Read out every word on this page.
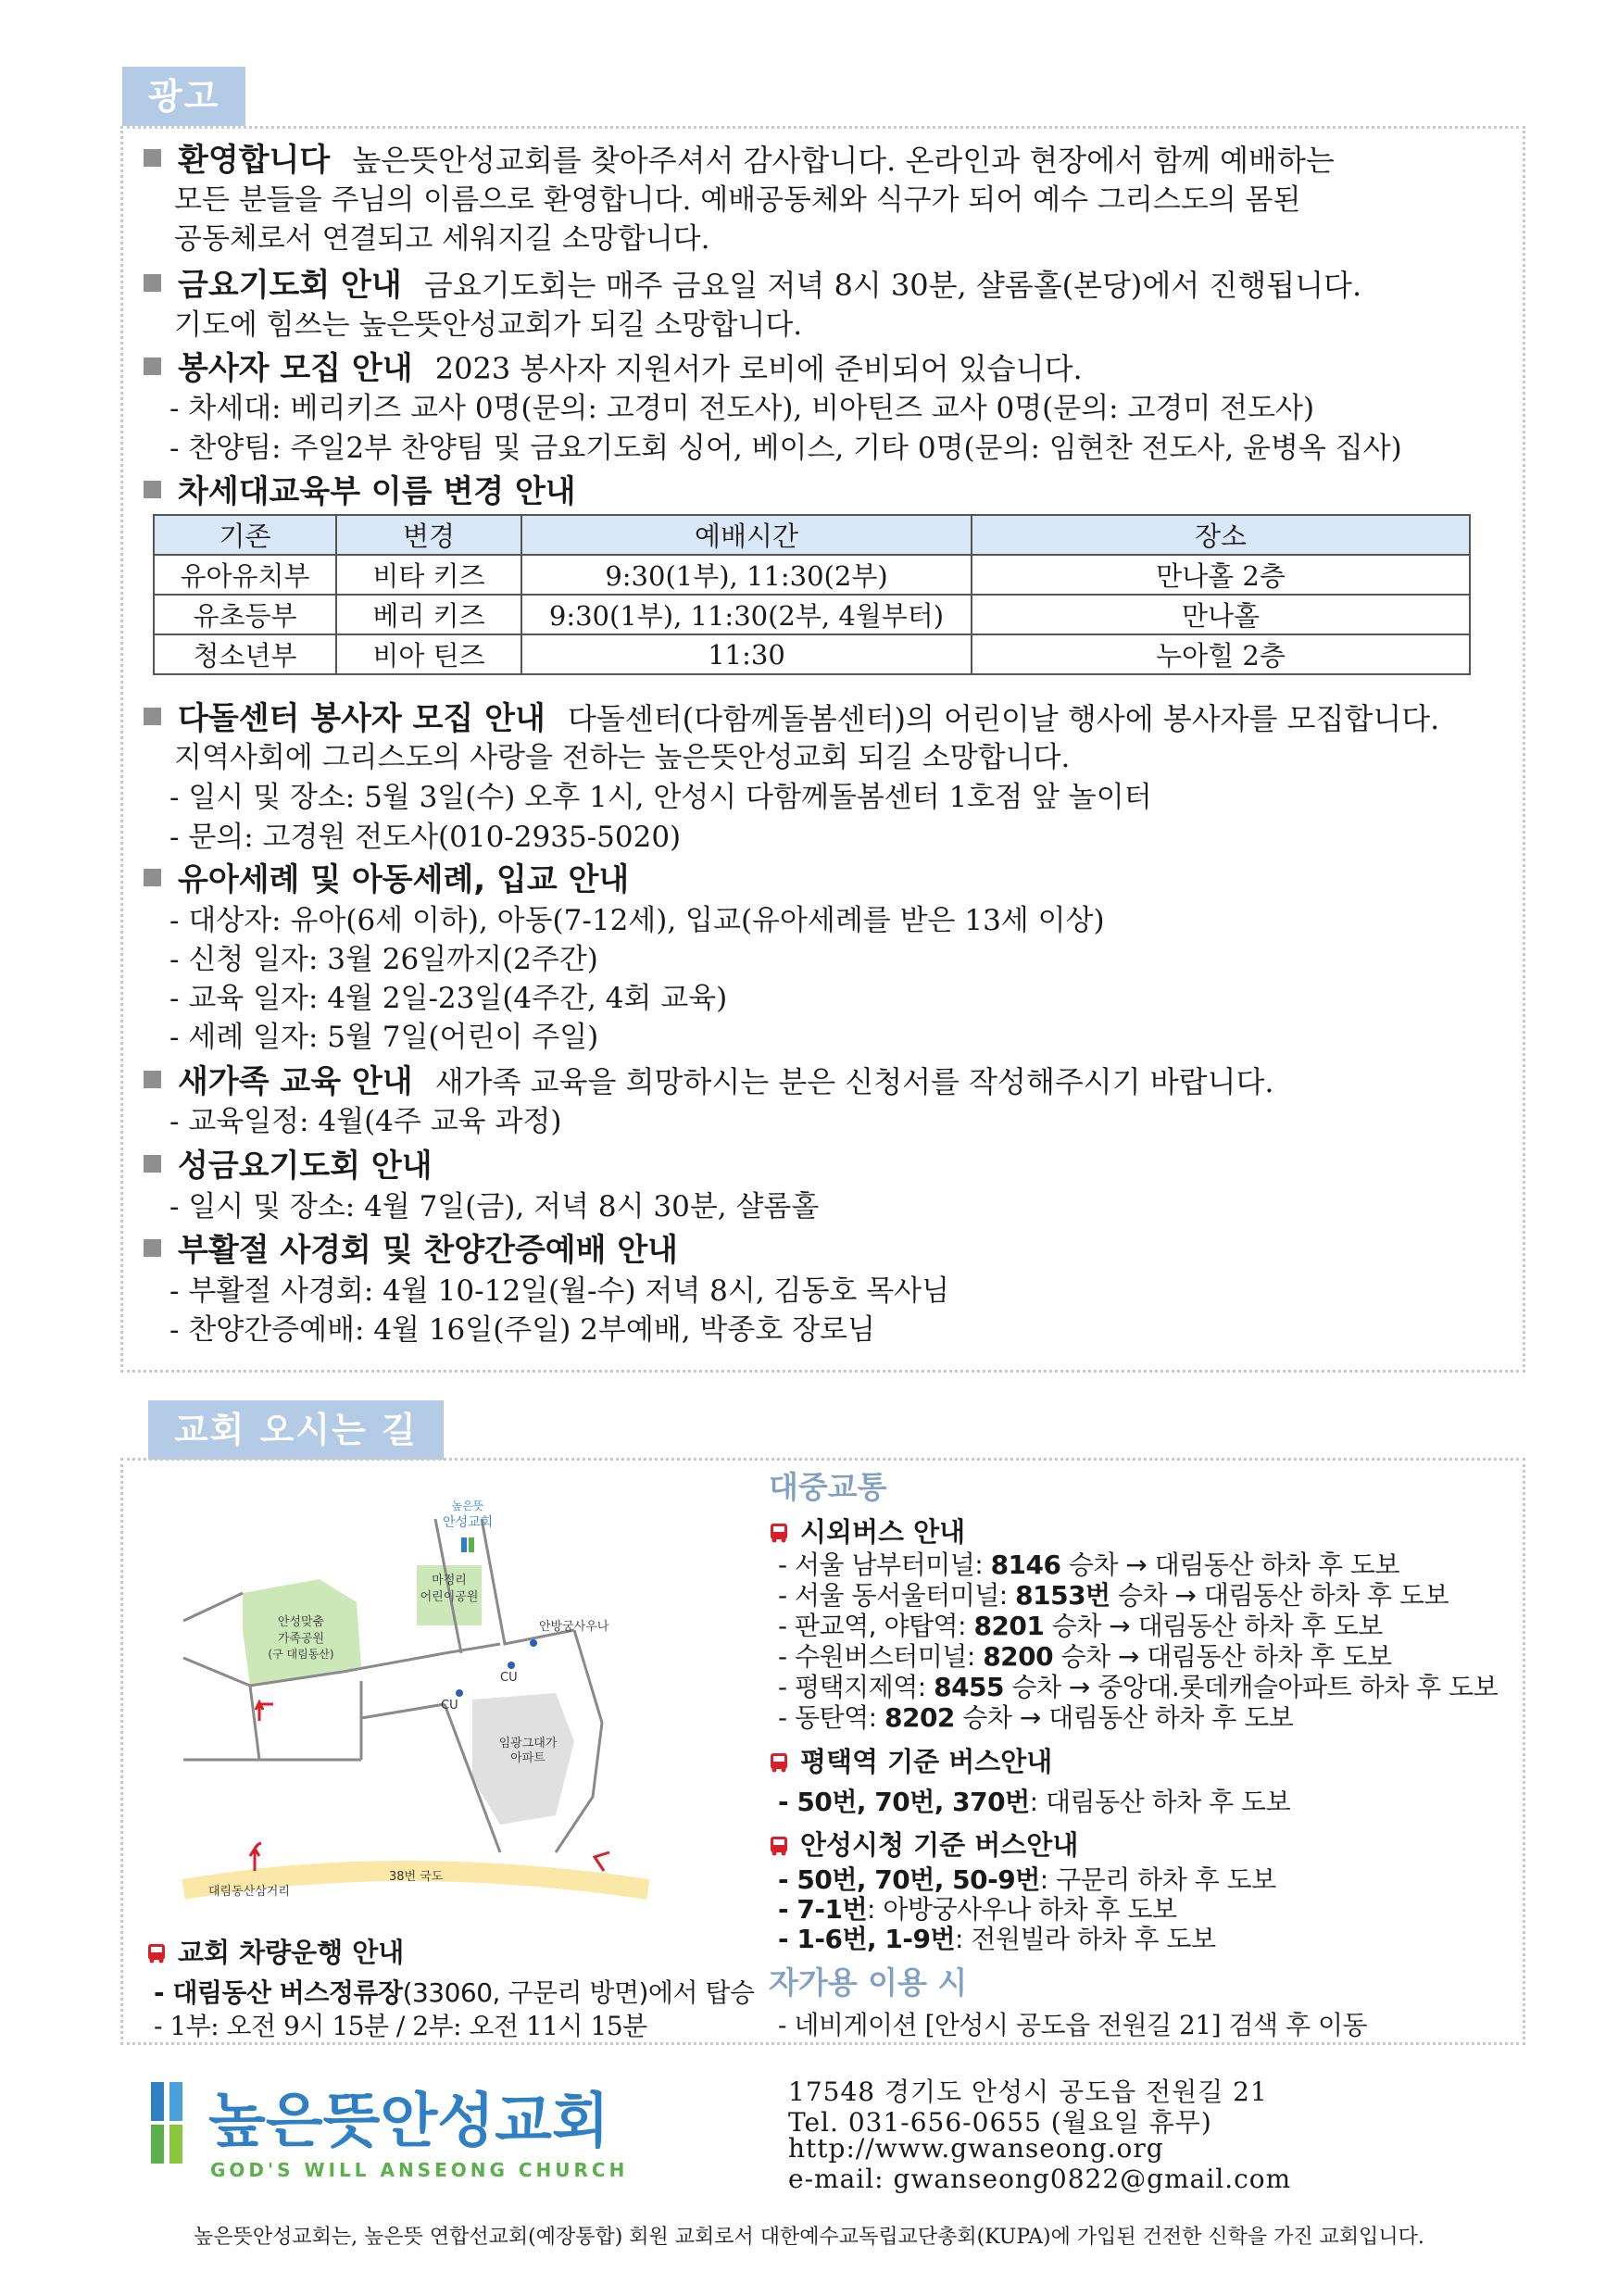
광고
환영합니다 높은뜻안성교회를 찾아주셔서 감사합니다. 온라인과 현장에서 함께 예배하는
모든 분들을 주님의 이름으로 환영합니다. 예배공동체와 식구가 되어 예수 그리스도의 몸된
공동체로서 연결되고 세워지길 소망합니다.
금요기도회 안내 금요기도회는 매주 금요일 저녁 8시 30분, 샬롬홀(본당)에서 진행됩니다.
기도에 힘쓰는 높은뜻안성교회가 되길 소망합니다.
봉사자 모집 안내 2023 봉사자 지원서가 로비에 준비되어 있습니다.
- 차세대: 베리키즈 교사 0명(문의: 고경미 전도사), 비아틴즈 교사 0명(문의: 고경미 전도사)
- 찬양팀: 주일2부 찬양팀 및 금요기도회 싱어, 베이스, 기타 0명(문의: 임현찬 전도사, 윤병옥 집사)
차세대교육부 이름 변경 안내
기존	변경	예배시간	장소
유아유치부	비타 키즈	9:30(1부), 11:30(2부)	만나홀 2층
유초등부	베리 키즈	9:30(1부), 11:30(2부, 4월부터)	만나홀
청소년부	비아 틴즈	11:30	누아힐 2층
다돌센터 봉사자 모집 안내 다돌센터(다함께돌봄센터)의 어린이날 행사에 봉사자를 모집합니다.
지역사회에 그리스도의 사랑을 전하는 높은뜻안성교회 되길 소망합니다.
- 일시 및 장소: 5월 3일(수) 오후 1시, 안성시 다함께돌봄센터 1호점 앞 놀이터
- 문의: 고경원 전도사(010-2935-5020)
유아세례 및 아동세례, 입교 안내
- 대상자: 유아(6세 이하), 아동(7-12세), 입교(유아세례를 받은 13세 이상)
- 신청 일자: 3월 26일까지(2주간)
- 교육 일자: 4월 2일-23일(4주간, 4회 교육)
- 세례 일자: 5월 7일(어린이 주일)
새가족 교육 안내 새가족 교육을 희망하시는 분은 신청서를 작성해주시기 바랍니다.
- 교육일정: 4월(4주 교육 과정)
성금요기도회 안내
- 일시 및 장소: 4월 7일(금), 저녁 8시 30분, 샬롬홀
부활절 사경회 및 찬양간증예배 안내
- 부활절 사경회: 4월 10-12일(월-수) 저녁 8시, 김동호 목사님
- 찬양간증예배: 4월 16일(주일) 2부예배, 박종호 장로님
교회 오시는 길
높은뜻
안성교회
마정리
어린이공원
안성맞춤
가족공원
(구 대림동산)
안방궁사우나
CU
CU
임광그대가
아파트
대림동산삼거리
38번 국도
교회 차량운행 안내
- 대림동산 버스정류장(33060, 구문리 방면)에서 탑승
- 1부: 오전 9시 15분 / 2부: 오전 11시 15분
대중교통
시외버스 안내
- 서울 남부터미널: 8146 승차 → 대림동산 하차 후 도보
- 서울 동서울터미널: 8153번 승차 → 대림동산 하차 후 도보
- 판교역, 야탑역: 8201 승차 → 대림동산 하차 후 도보
- 수원버스터미널: 8200 승차 → 대림동산 하차 후 도보
- 평택지제역: 8455 승차 → 중앙대.롯데캐슬아파트 하차 후 도보
- 동탄역: 8202 승차 → 대림동산 하차 후 도보
평택역 기준 버스안내
- 50번, 70번, 370번: 대림동산 하차 후 도보
안성시청 기준 버스안내
- 50번, 70번, 50-9번: 구문리 하차 후 도보
- 7-1번: 아방궁사우나 하차 후 도보
- 1-6번, 1-9번: 전원빌라 하차 후 도보
자가용 이용 시
- 네비게이션 [안성시 공도읍 전원길 21] 검색 후 이동
높은뜻안성교회
GOD'S WILL ANSEONG CHURCH
17548 경기도 안성시 공도읍 전원길 21
Tel. 031-656-0655 (월요일 휴무)
http://www.gwanseong.org
e-mail: gwanseong0822@gmail.com
높은뜻안성교회는, 높은뜻 연합선교회(예장통합) 회원 교회로서 대한예수교독립교단총회(KUPA)에 가입된 건전한 신학을 가진 교회입니다.
